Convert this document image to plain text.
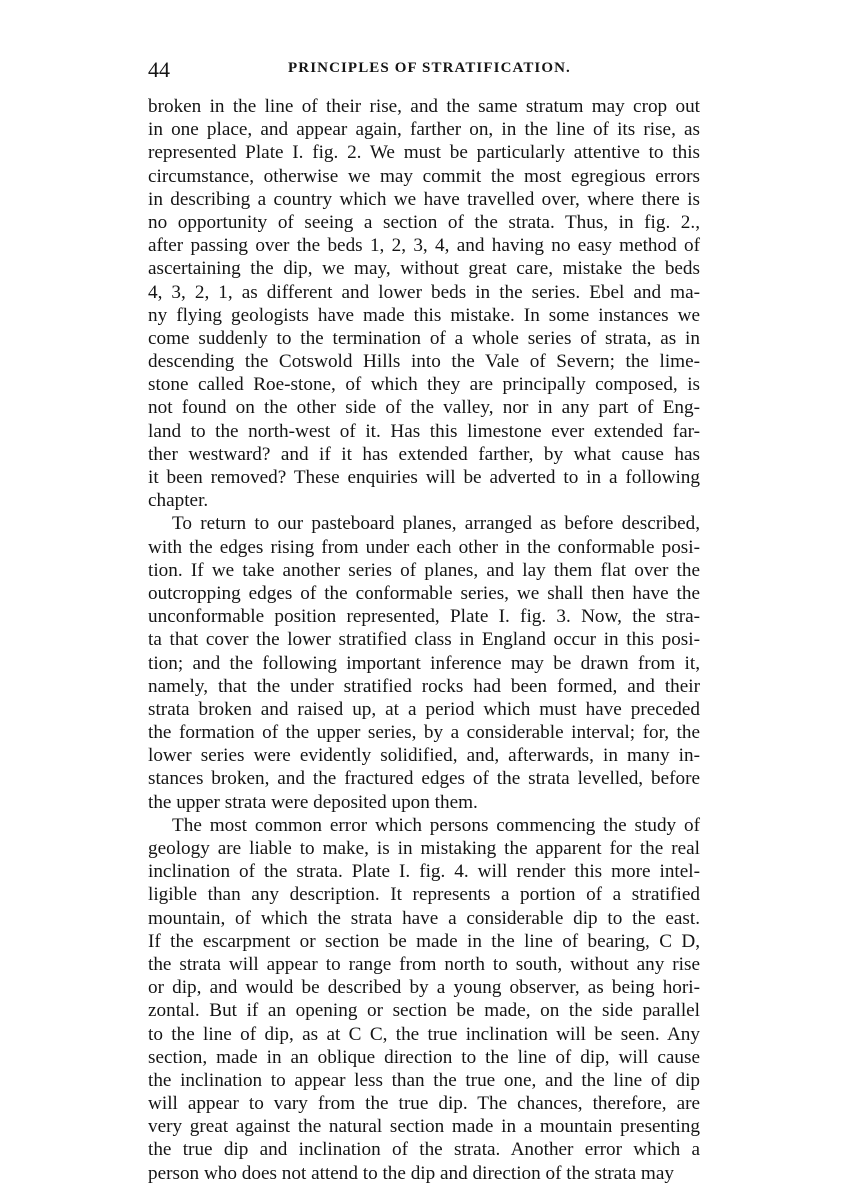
44	PRINCIPLES OF STRATIFICATION.
broken in the line of their rise, and the same stratum may crop out
in one place, and appear again, farther on, in the line of its rise, as
represented Plate I. fig. 2. We must be particularly attentive to this
circumstance, otherwise we may commit the most egregious errors
in describing a country which we have travelled over, where there is
no opportunity of seeing a section of the strata. Thus, in fig. 2.,
after passing over the beds 1, 2, 3, 4, and having no easy method of
ascertaining the dip, we may, without great care, mistake the beds
4, 3, 2, 1, as different and lower beds in the series. Ebel and ma-
ny flying geologists have made this mistake. In some instances we
come suddenly to the termination of a whole series of strata, as in
descending the Cotswold Hills into the Vale of Severn; the lime-
stone called Roe-stone, of which they are principally composed, is
not found on the other side of the valley, nor in any part of Eng-
land to the north-west of it. Has this limestone ever extended far-
ther westward? and if it has extended farther, by what cause has
it been removed? These enquiries will be adverted to in a following
chapter.
To return to our pasteboard planes, arranged as before described,
with the edges rising from under each other in the conformable posi-
tion. If we take another series of planes, and lay them flat over the
outcropping edges of the conformable series, we shall then have the
unconformable position represented, Plate I. fig. 3. Now, the stra-
ta that cover the lower stratified class in England occur in this posi-
tion; and the following important inference may be drawn from it,
namely, that the under stratified rocks had been formed, and their
strata broken and raised up, at a period which must have preceded
the formation of the upper series, by a considerable interval; for, the
lower series were evidently solidified, and, afterwards, in many in-
stances broken, and the fractured edges of the strata levelled, before
the upper strata were deposited upon them.
The most common error which persons commencing the study of
geology are liable to make, is in mistaking the apparent for the real
inclination of the strata. Plate I. fig. 4. will render this more intel-
ligible than any description. It represents a portion of a stratified
mountain, of which the strata have a considerable dip to the east.
If the escarpment or section be made in the line of bearing, C D,
the strata will appear to range from north to south, without any rise
or dip, and would be described by a young observer, as being hori-
zontal. But if an opening or section be made, on the side parallel
to the line of dip, as at C C, the true inclination will be seen. Any
section, made in an oblique direction to the line of dip, will cause
the inclination to appear less than the true one, and the line of dip
will appear to vary from the true dip. The chances, therefore, are
very great against the natural section made in a mountain presenting
the true dip and inclination of the strata. Another error which a
person who does not attend to the dip and direction of the strata may
